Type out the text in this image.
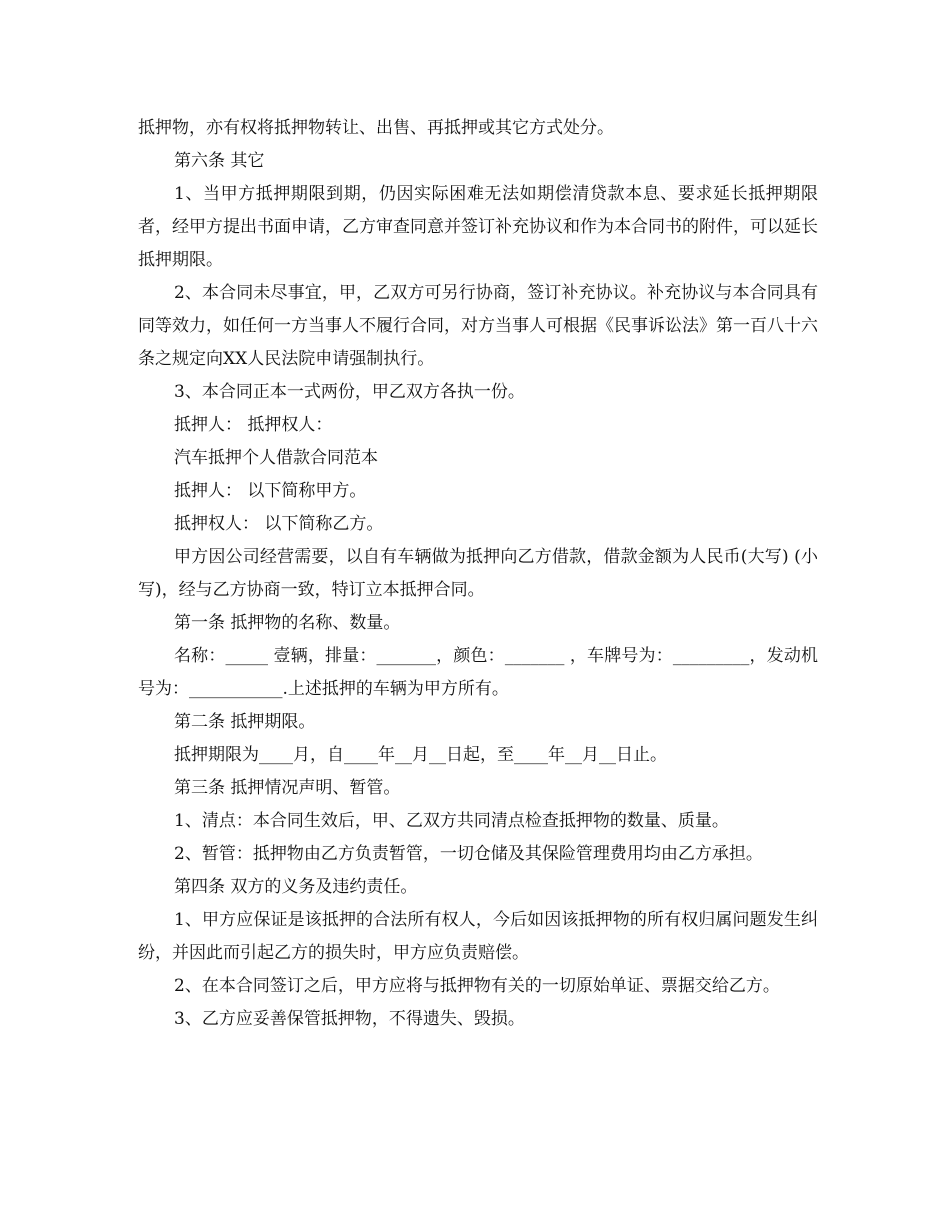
抵押物，亦有权将抵押物转让、出售、再抵押或其它方式处分。

第六条 其它

1、当甲方抵押期限到期，仍因实际困难无法如期偿清贷款本息、要求延长抵押期限者，经甲方提出书面申请，乙方审查同意并签订补充协议和作为本合同书的附件，可以延长抵押期限。

2、本合同未尽事宜，甲，乙双方可另行协商，签订补充协议。补充协议与本合同具有同等效力，如任何一方当事人不履行合同，对方当事人可根据《民事诉讼法》第一百八十六条之规定向XX人民法院申请强制执行。

3、本合同正本一式两份，甲乙双方各执一份。

抵押人： 抵押权人：

汽车抵押个人借款合同范本

抵押人： 以下简称甲方。

抵押权人： 以下简称乙方。

甲方因公司经营需要，以自有车辆做为抵押向乙方借款，借款金额为人民币(大写) (小写)，经与乙方协商一致，特订立本抵押合同。

第一条 抵押物的名称、数量。

名称：_____ 壹辆，排量：_______，颜色：_______ ，车牌号为：_________，发动机号为：___________.上述抵押的车辆为甲方所有。

第二条 抵押期限。

抵押期限为____月，自____年__月__日起，至____年__月__日止。

第三条 抵押情况声明、暂管。

1、清点：本合同生效后，甲、乙双方共同清点检查抵押物的数量、质量。

2、暂管：抵押物由乙方负责暂管，一切仓储及其保险管理费用均由乙方承担。

第四条 双方的义务及违约责任。

1、甲方应保证是该抵押的合法所有权人，今后如因该抵押物的所有权归属问题发生纠纷，并因此而引起乙方的损失时，甲方应负责赔偿。

2、在本合同签订之后，甲方应将与抵押物有关的一切原始单证、票据交给乙方。

3、乙方应妥善保管抵押物，不得遗失、毁损。
